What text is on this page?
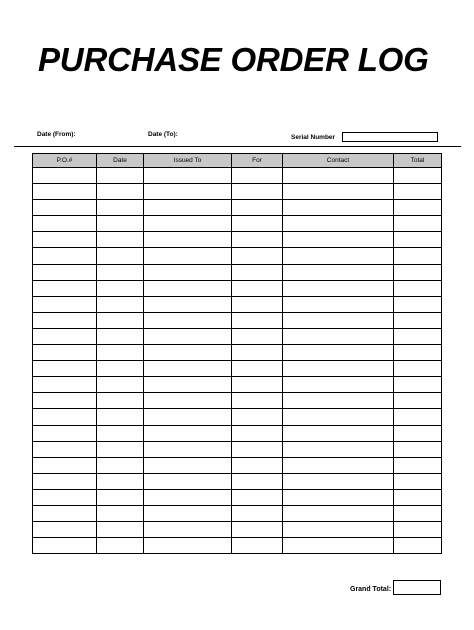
PURCHASE ORDER LOG
Date (From):	Date (To):	Serial Number
P.O.#	Date	Issued To	For	Contact	Total

Grand Total:
